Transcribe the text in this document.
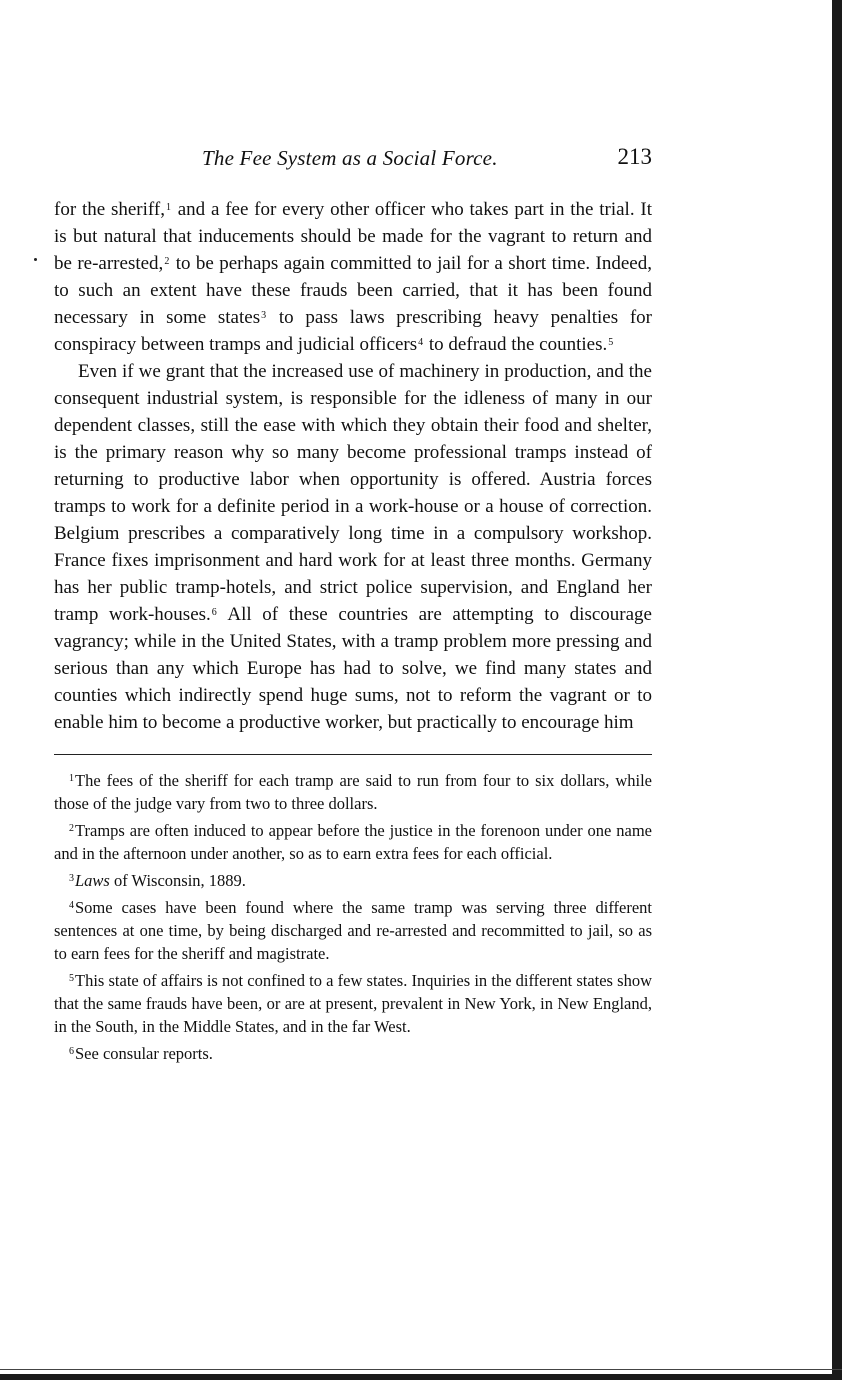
The Fee System as a Social Force.	213

for the sheriff,$^1$ and a fee for every other officer who takes part in the trial. It is but natural that inducements should be made for the vagrant to return and be re-arrested,$^2$ to be perhaps again committed to jail for a short time. Indeed, to such an extent have these frauds been carried, that it has been found necessary in some states$^3$ to pass laws prescribing heavy penalties for conspiracy between tramps and judicial officers$^4$ to defraud the counties.$^5$

Even if we grant that the increased use of machinery in production, and the consequent industrial system, is responsible for the idleness of many in our dependent classes, still the ease with which they obtain their food and shelter, is the primary reason why so many become professional tramps instead of returning to productive labor when opportunity is offered. Austria forces tramps to work for a definite period in a work-house or a house of correction. Belgium prescribes a comparatively long time in a compulsory workshop. France fixes imprisonment and hard work for at least three months. Germany has her public tramp-hotels, and strict police supervision, and England her tramp work-houses.$^6$ All of these countries are attempting to discourage vagrancy; while in the United States, with a tramp problem more pressing and serious than any which Europe has had to solve, we find many states and counties which indirectly spend huge sums, not to reform the vagrant or to enable him to become a productive worker, but practically to encourage him

$^1$The fees of the sheriff for each tramp are said to run from four to six dollars, while those of the judge vary from two to three dollars.

$^2$Tramps are often induced to appear before the justice in the forenoon under one name and in the afternoon under another, so as to earn extra fees for each official.

$^3$Laws of Wisconsin, 1889.

$^4$Some cases have been found where the same tramp was serving three different sentences at one time, by being discharged and re-arrested and recommitted to jail, so as to earn fees for the sheriff and magistrate.

$^5$This state of affairs is not confined to a few states. Inquiries in the different states show that the same frauds have been, or are at present, prevalent in New York, in New England, in the South, in the Middle States, and in the far West.

$^6$See consular reports.
